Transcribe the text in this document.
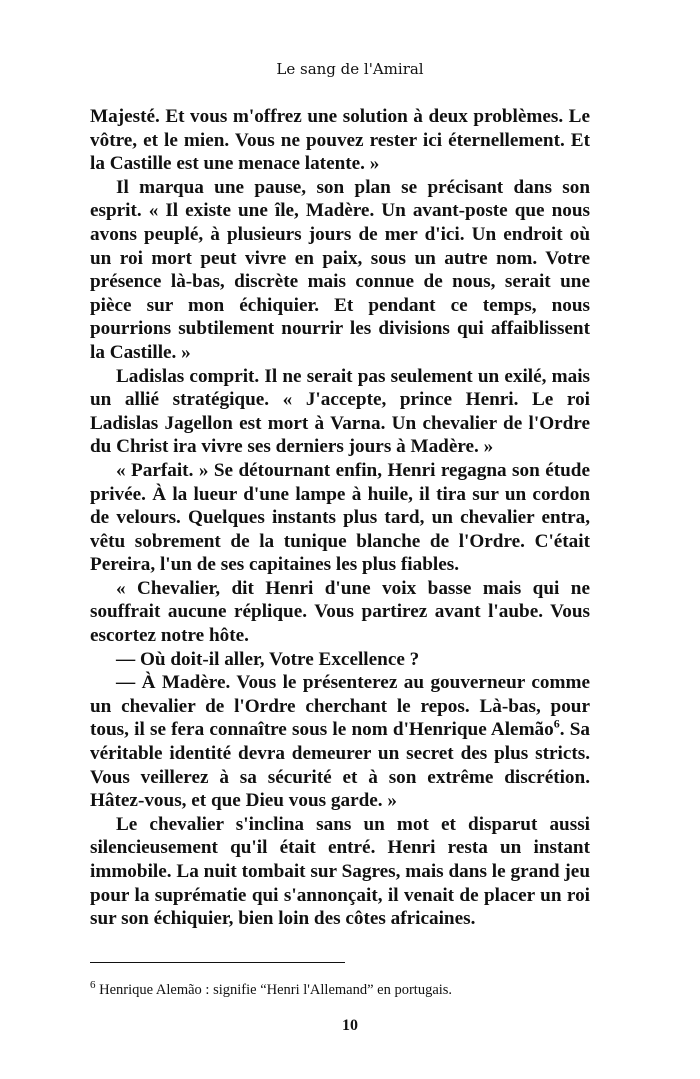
Le sang de l'Amiral

Majesté. Et vous m'offrez une solution à deux problèmes. Le vôtre, et le mien. Vous ne pouvez rester ici éternellement. Et la Castille est une menace latente. »

Il marqua une pause, son plan se précisant dans son esprit. « Il existe une île, Madère. Un avant-poste que nous avons peuplé, à plusieurs jours de mer d'ici. Un endroit où un roi mort peut vivre en paix, sous un autre nom. Votre présence là-bas, discrète mais connue de nous, serait une pièce sur mon échiquier. Et pendant ce temps, nous pourrions subtilement nourrir les divisions qui affaiblissent la Castille. »

Ladislas comprit. Il ne serait pas seulement un exilé, mais un allié stratégique. « J'accepte, prince Henri. Le roi Ladislas Jagellon est mort à Varna. Un chevalier de l'Ordre du Christ ira vivre ses derniers jours à Madère. »

« Parfait. » Se détournant enfin, Henri regagna son étude privée. À la lueur d'une lampe à huile, il tira sur un cordon de velours. Quelques instants plus tard, un chevalier entra, vêtu sobrement de la tunique blanche de l'Ordre. C'était Pereira, l'un de ses capitaines les plus fiables.

« Chevalier, dit Henri d'une voix basse mais qui ne souffrait aucune réplique. Vous partirez avant l'aube. Vous escortez notre hôte.

— Où doit-il aller, Votre Excellence ?

— À Madère. Vous le présenterez au gouverneur comme un chevalier de l'Ordre cherchant le repos. Là-bas, pour tous, il se fera connaître sous le nom d'Henrique Alemão$^6$. Sa véritable identité devra demeurer un secret des plus stricts. Vous veillerez à sa sécurité et à son extrême discrétion. Hâtez-vous, et que Dieu vous garde. »

Le chevalier s'inclina sans un mot et disparut aussi silencieusement qu'il était entré. Henri resta un instant immobile. La nuit tombait sur Sagres, mais dans le grand jeu pour la suprématie qui s'annonçait, il venait de placer un roi sur son échiquier, bien loin des côtes africaines.

$^6$ Henrique Alemão : signifie “Henri l'Allemand” en portugais.
10
